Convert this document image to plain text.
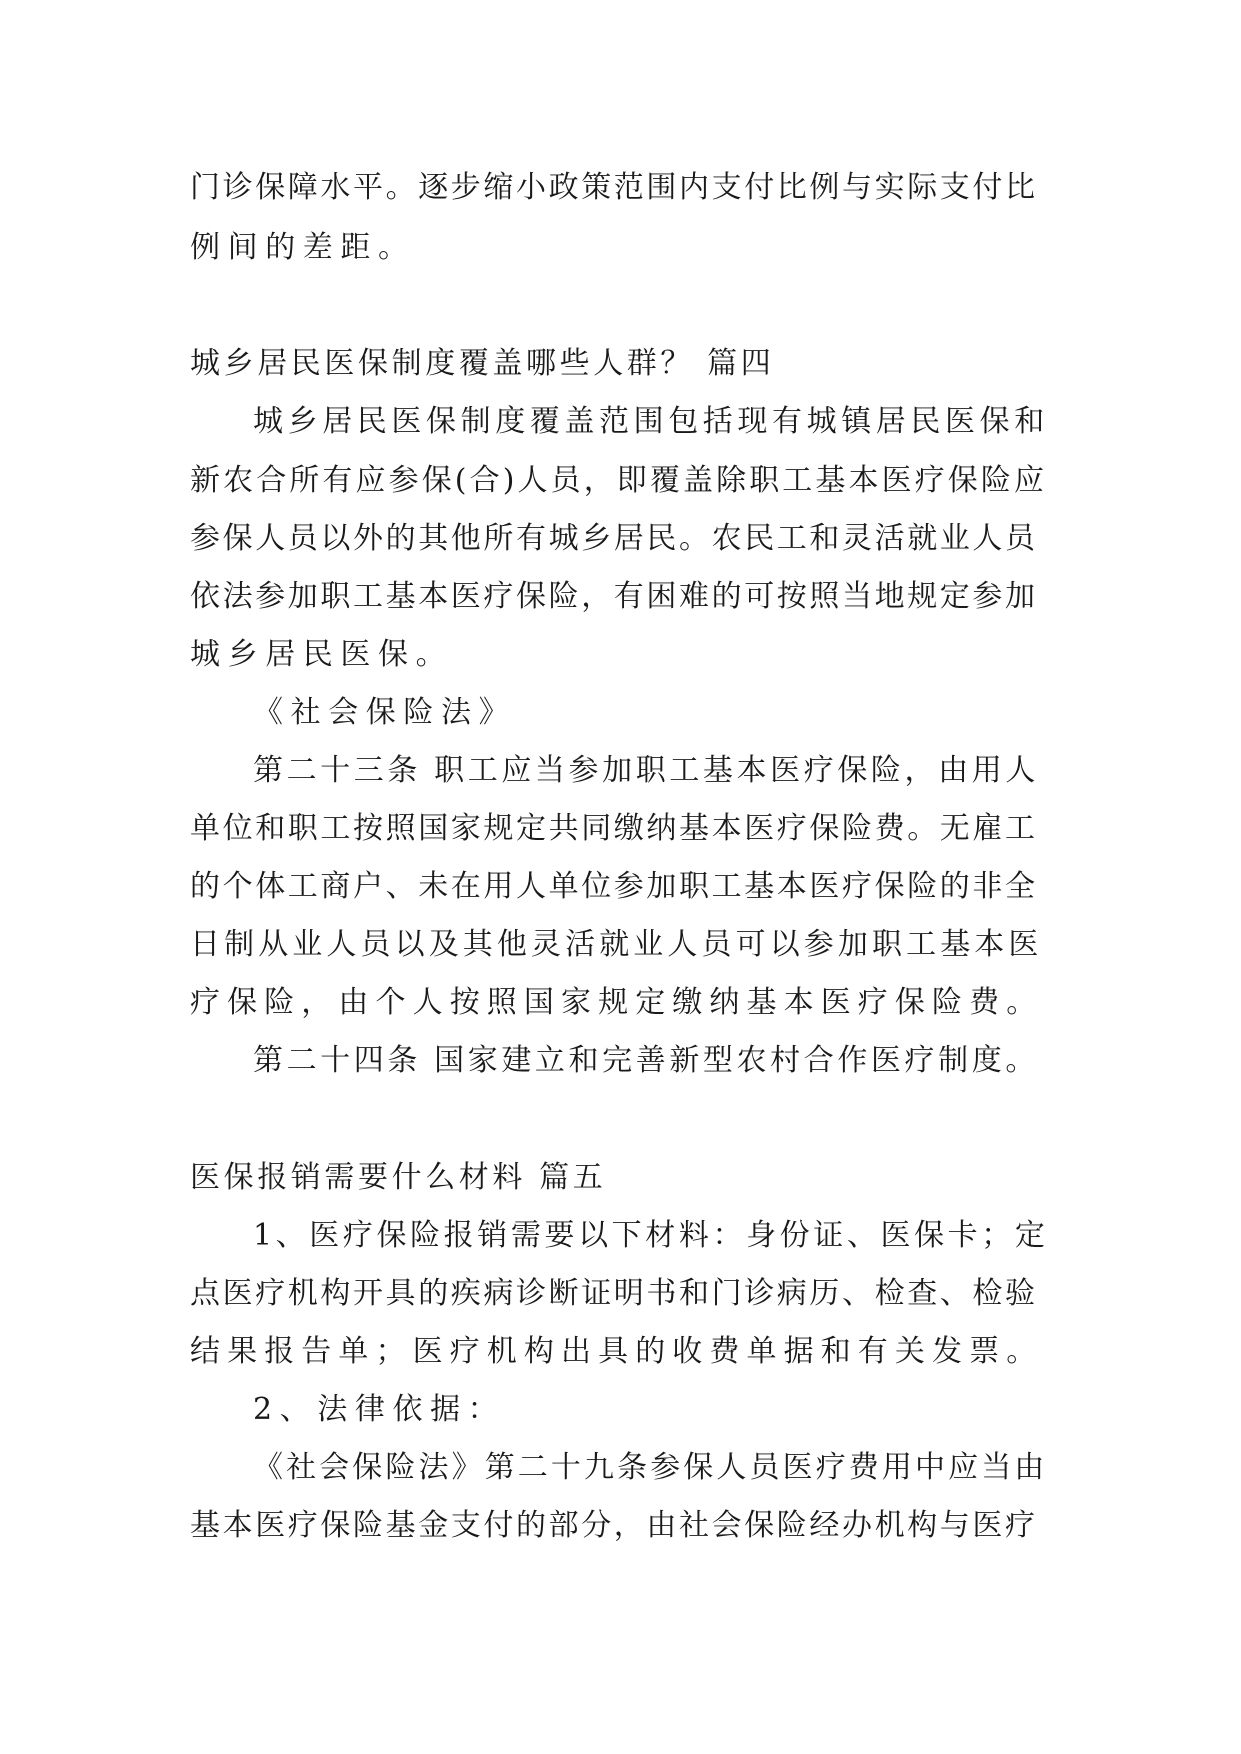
门诊保障水平。逐步缩小政策范围内支付比例与实际支付比
例间的差距。
城乡居民医保制度覆盖哪些人群？ 篇四
城乡居民医保制度覆盖范围包括现有城镇居民医保和
新农合所有应参保(合)人员，即覆盖除职工基本医疗保险应
参保人员以外的其他所有城乡居民。农民工和灵活就业人员
依法参加职工基本医疗保险，有困难的可按照当地规定参加
城乡居民医保。
《社会保险法》
第二十三条 职工应当参加职工基本医疗保险，由用人
单位和职工按照国家规定共同缴纳基本医疗保险费。无雇工
的个体工商户、未在用人单位参加职工基本医疗保险的非全
日制从业人员以及其他灵活就业人员可以参加职工基本医
疗保险，由个人按照国家规定缴纳基本医疗保险费。
第二十四条 国家建立和完善新型农村合作医疗制度。
医保报销需要什么材料 篇五
1、医疗保险报销需要以下材料：身份证、医保卡；定
点医疗机构开具的疾病诊断证明书和门诊病历、检查、检验
结果报告单；医疗机构出具的收费单据和有关发票。
2、法律依据：
《社会保险法》第二十九条参保人员医疗费用中应当由
基本医疗保险基金支付的部分，由社会保险经办机构与医疗
